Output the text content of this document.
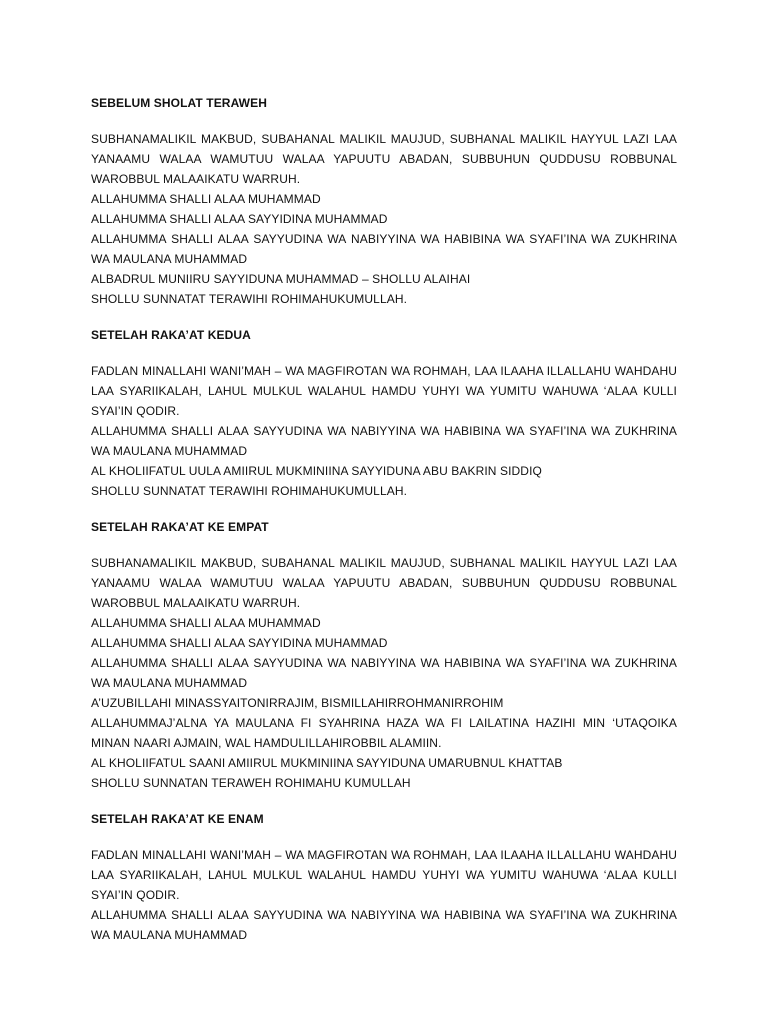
SEBELUM SHOLAT TERAWEH

SUBHANAMALIKIL MAKBUD, SUBAHANAL MALIKIL MAUJUD, SUBHANAL MALIKIL HAYYUL LAZI LAA YANAAMU WALAA WAMUTUU WALAA YAPUUTU ABADAN, SUBBUHUN QUDDUSU ROBBUNAL WAROBBUL MALAAIKATU WARRUH.

ALLAHUMMA SHALLI ALAA MUHAMMAD

ALLAHUMMA SHALLI ALAA SAYYIDINA MUHAMMAD

ALLAHUMMA SHALLI ALAA SAYYUDINA WA NABIYYINA WA HABIBINA WA SYAFI’INA WA ZUKHRINA WA MAULANA MUHAMMAD

ALBADRUL MUNIIRU SAYYIDUNA MUHAMMAD – SHOLLU ALAIHAI

SHOLLU SUNNATAT TERAWIHI ROHIMAHUKUMULLAH.

SETELAH RAKA’AT KEDUA

FADLAN MINALLAHI WANI’MAH – WA MAGFIROTAN WA ROHMAH, LAA ILAAHA ILLALLAHU WAHDAHU LAA SYARIIKALAH, LAHUL MULKUL WALAHUL HAMDU YUHYI WA YUMITU WAHUWA ‘ALAA KULLI SYAI’IN QODIR.

ALLAHUMMA SHALLI ALAA SAYYUDINA WA NABIYYINA WA HABIBINA WA SYAFI’INA WA ZUKHRINA WA MAULANA MUHAMMAD

AL KHOLIIFATUL UULA AMIIRUL MUKMINIINA SAYYIDUNA ABU BAKRIN SIDDIQ

SHOLLU SUNNATAT TERAWIHI ROHIMAHUKUMULLAH.

SETELAH RAKA’AT KE EMPAT

SUBHANAMALIKIL MAKBUD, SUBAHANAL MALIKIL MAUJUD, SUBHANAL MALIKIL HAYYUL LAZI LAA YANAAMU WALAA WAMUTUU WALAA YAPUUTU ABADAN, SUBBUHUN QUDDUSU ROBBUNAL WAROBBUL MALAAIKATU WARRUH.

ALLAHUMMA SHALLI ALAA MUHAMMAD

ALLAHUMMA SHALLI ALAA SAYYIDINA MUHAMMAD

ALLAHUMMA SHALLI ALAA SAYYUDINA WA NABIYYINA WA HABIBINA WA SYAFI’INA WA ZUKHRINA WA MAULANA MUHAMMAD

A’UZUBILLAHI MINASSYAITONIRRAJIM, BISMILLAHIRROHMANIRROHIM

ALLAHUMMAJ’ALNA YA MAULANA FI SYAHRINA HAZA WA FI LAILATINA HAZIHI MIN ‘UTAQOIKA MINAN NAARI AJMAIN, WAL HAMDULILLAHIROBBIL ALAMIIN.

AL KHOLIIFATUL SAANI AMIIRUL MUKMINIINA SAYYIDUNA UMARUBNUL KHATTAB

SHOLLU SUNNATAN TERAWEH ROHIMAHU KUMULLAH

SETELAH RAKA’AT KE ENAM

FADLAN MINALLAHI WANI’MAH – WA MAGFIROTAN WA ROHMAH, LAA ILAAHA ILLALLAHU WAHDAHU LAA SYARIIKALAH, LAHUL MULKUL WALAHUL HAMDU YUHYI WA YUMITU WAHUWA ‘ALAA KULLI SYAI’IN QODIR.

ALLAHUMMA SHALLI ALAA SAYYUDINA WA NABIYYINA WA HABIBINA WA SYAFI’INA WA ZUKHRINA WA MAULANA MUHAMMAD
